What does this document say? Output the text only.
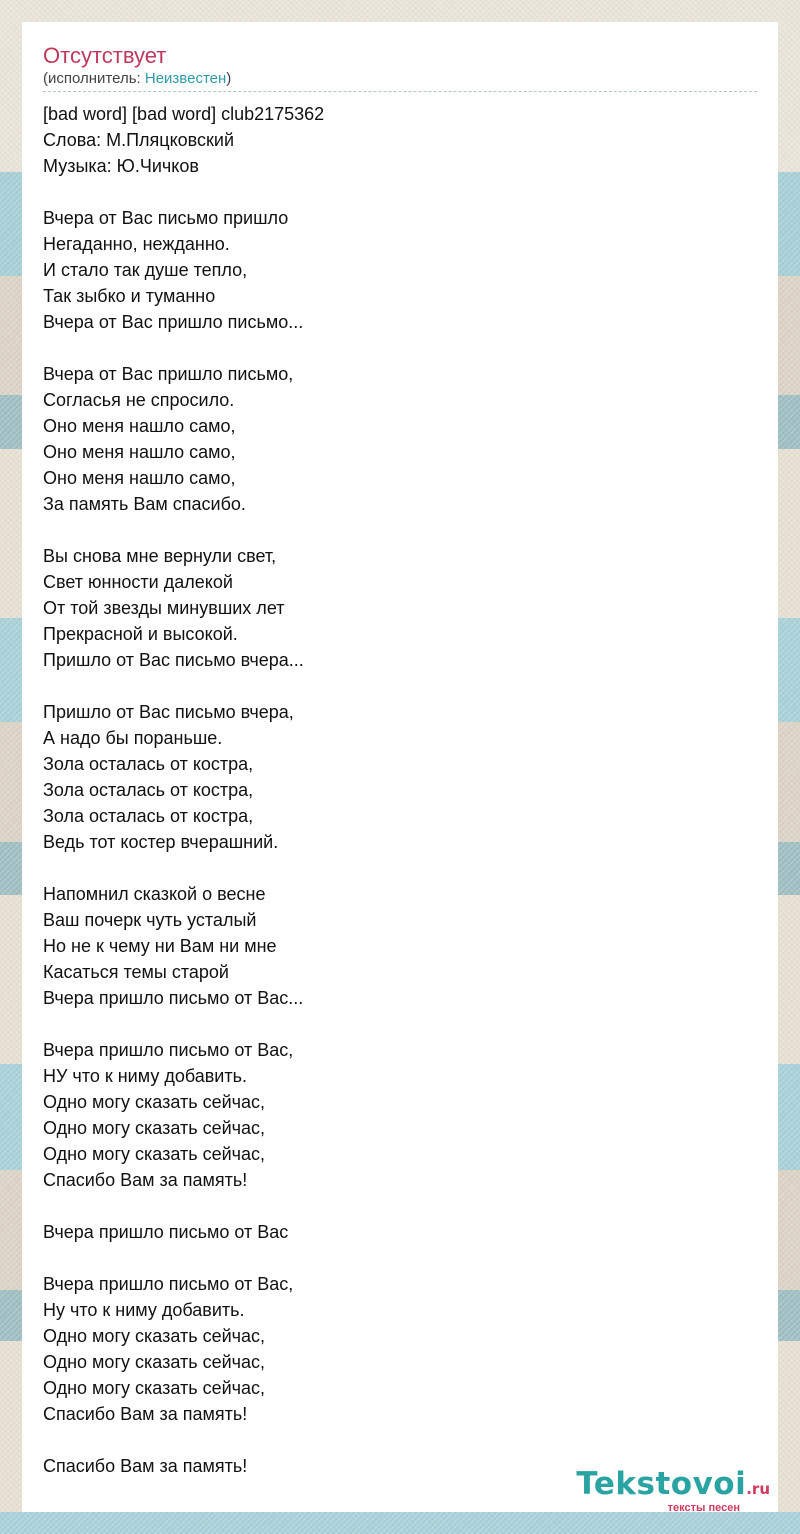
Отсутствует
(исполнитель: Неизвестен)
[bad word] [bad word] club2175362
Слова: М.Пляцковский
Музыка: Ю.Чичков
Вчера от Вас письмо пришло
Негаданно, нежданно.
И стало так душе тепло,
Так зыбко и туманно
Вчера от Вас пришло письмо...
Вчера от Вас пришло письмо,
Согласья не спросило.
Оно меня нашло само,
Оно меня нашло само,
Оно меня нашло само,
За память Вам спасибо.
Вы снова мне вернули свет,
Свет юнности далекой
От той звезды минувших лет
Прекрасной и высокой.
Пришло от Вас письмо вчера...
Пришло от Вас письмо вчера,
А надо бы пораньше.
Зола осталась от костра,
Зола осталась от костра,
Зола осталась от костра,
Ведь тот костер вчерашний.
Напомнил сказкой о весне
Ваш почерк чуть усталый
Но не к чему ни Вам ни мне
Касаться темы старой
Вчера пришло письмо от Вас...
Вчера пришло письмо от Вас,
НУ что к ниму добавить.
Одно могу сказать сейчас,
Одно могу сказать сейчас,
Одно могу сказать сейчас,
Спасибо Вам за память!
Вчера пришло письмо от Вас
Вчера пришло письмо от Вас,
Ну что к ниму добавить.
Одно могу сказать сейчас,
Одно могу сказать сейчас,
Одно могу сказать сейчас,
Спасибо Вам за память!
Спасибо Вам за память!	Tekstovoi.ru
тексты песен
